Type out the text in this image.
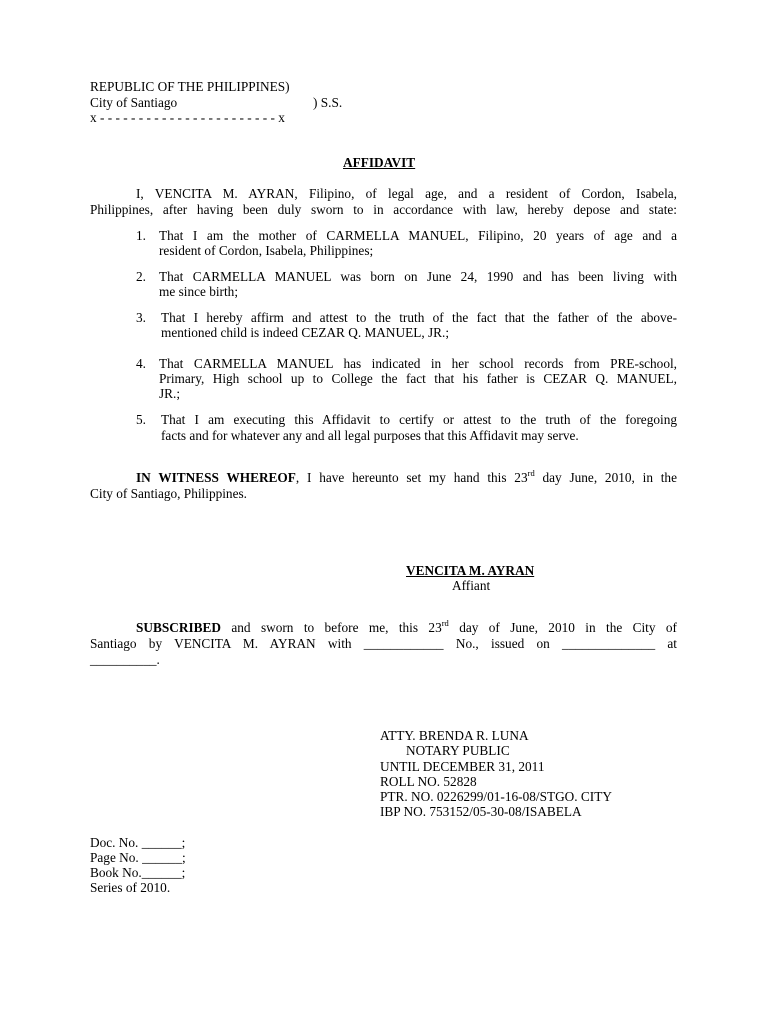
REPUBLIC OF THE PHILIPPINES)
City of Santiago	) S.S.
x - - - - - - - - - - - - - - - - - - - - - - - x
AFFIDAVIT
I, VENCITA M. AYRAN, Filipino, of legal age, and a resident of Cordon, Isabela,
Philippines, after having been duly sworn to in accordance with law, hereby depose and state:
1. That I am the mother of CARMELLA MANUEL, Filipino, 20 years of age and a
resident of Cordon, Isabela, Philippines;
2. That CARMELLA MANUEL was born on June 24, 1990 and has been living with
me since birth;
3. That I hereby affirm and attest to the truth of the fact that the father of the above-
mentioned child is indeed CEZAR Q. MANUEL, JR.;
4. That CARMELLA MANUEL has indicated in her school records from PRE-school,
Primary, High school up to College the fact that his father is CEZAR Q. MANUEL,
JR.;
5. That I am executing this Affidavit to certify or attest to the truth of the foregoing
facts and for whatever any and all legal purposes that this Affidavit may serve.
IN WITNESS WHEREOF, I have hereunto set my hand this 23rd day June, 2010, in the
City of Santiago, Philippines.
VENCITA M. AYRAN
Affiant
SUBSCRIBED and sworn to before me, this 23rd day of June, 2010 in the City of
Santiago by VENCITA M. AYRAN with ____________ No., issued on ______________ at
__________.
ATTY. BRENDA R. LUNA
NOTARY PUBLIC
UNTIL DECEMBER 31, 2011
ROLL NO. 52828
PTR. NO. 0226299/01-16-08/STGO. CITY
IBP NO. 753152/05-30-08/ISABELA
Doc. No. ______;
Page No. ______;
Book No.______;
Series of 2010.
